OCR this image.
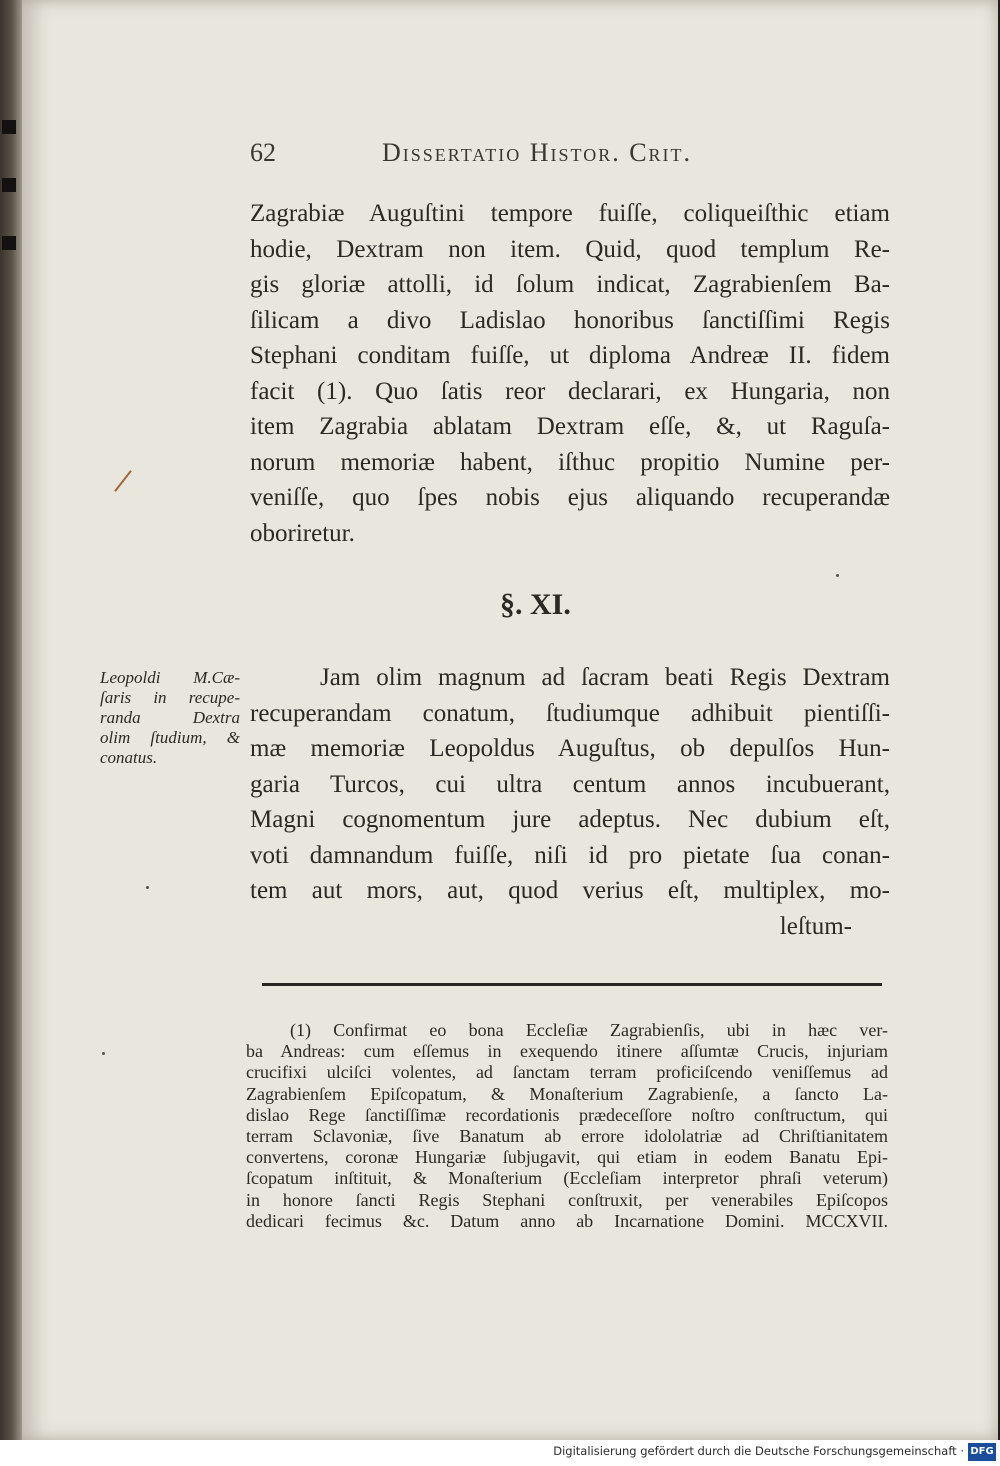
62	Dissertatio Histor. Crit.
Zagrabiæ Auguſtini tempore fuiſſe, coliqueiſthic etiam
hodie, Dextram non item. Quid, quod templum Re-
gis gloriæ attolli, id ſolum indicat, Zagrabienſem Ba-
ſilicam a divo Ladislao honoribus ſanctiſſimi Regis
Stephani conditam fuiſſe, ut diploma Andreæ II. fidem
facit (1). Quo ſatis reor declarari, ex Hungaria, non
item Zagrabia ablatam Dextram eſſe, &, ut Raguſa-
norum memoriæ habent, iſthuc propitio Numine per-
veniſſe, quo ſpes nobis ejus aliquando recuperandæ
oboriretur.
§. XI.
Leopoldi M.Cæ-
ſaris in recupe-
randa Dextra
olim ſtudium, &
conatus.
Jam olim magnum ad ſacram beati Regis Dextram
recuperandam conatum, ſtudiumque adhibuit pientiſſi-
mæ memoriæ Leopoldus Auguſtus, ob depulſos Hun-
garia Turcos, cui ultra centum annos incubuerant,
Magni cognomentum jure adeptus. Nec dubium eſt,
voti damnandum fuiſſe, niſi id pro pietate ſua conan-
tem aut mors, aut, quod verius eſt, multiplex, mo-
leſtum-
(1) Confirmat eo bona Eccleſiæ Zagrabienſis, ubi in hæc ver-
ba Andreas: cum eſſemus in exequendo itinere aſſumtæ Crucis, injuriam
crucifixi ulciſci volentes, ad ſanctam terram proficiſcendo veniſſemus ad
Zagrabienſem Epiſcopatum, & Monaſterium Zagrabienſe, a ſancto La-
dislao Rege ſanctiſſimæ recordationis prædeceſſore noſtro conſtructum, qui
terram Sclavoniæ, ſive Banatum ab errore idololatriæ ad Chriſtianitatem
convertens, coronæ Hungariæ ſubjugavit, qui etiam in eodem Banatu Epi-
ſcopatum inſtituit, & Monaſterium (Eccleſiam interpretor phraſi veterum)
in honore ſancti Regis Stephani conſtruxit, per venerabiles Epiſcopos
dedicari fecimus &c. Datum anno ab Incarnatione Domini. MCCXVII.
Digitalisierung gefördert durch die Deutsche Forschungsgemeinschaft · DFG
